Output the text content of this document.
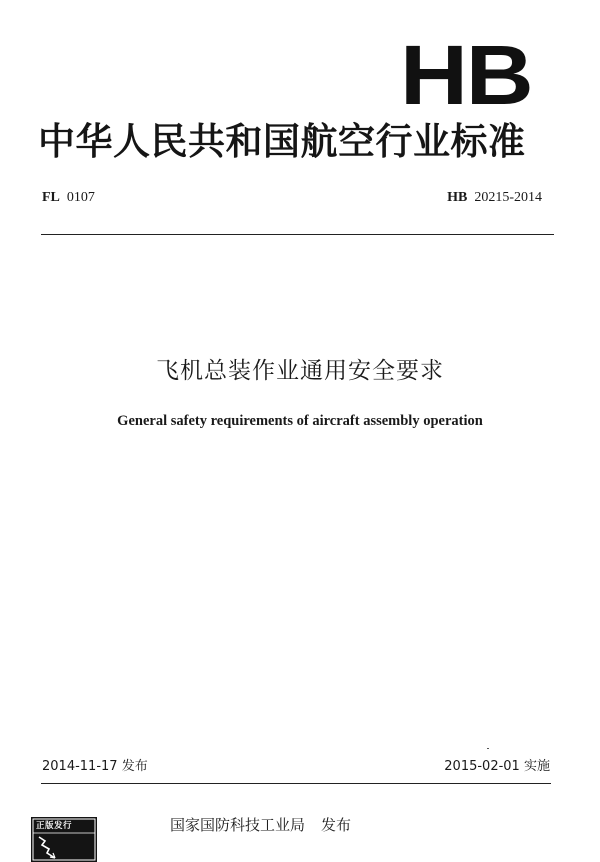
HB
中华人民共和国航空行业标准
FL 0107	HB 20215-2014
飞机总装作业通用安全要求
General safety requirements of aircraft assembly operation
2014-11-17 发布	2015-02-01 实施
正版发行	国家国防科技工业局 发布
